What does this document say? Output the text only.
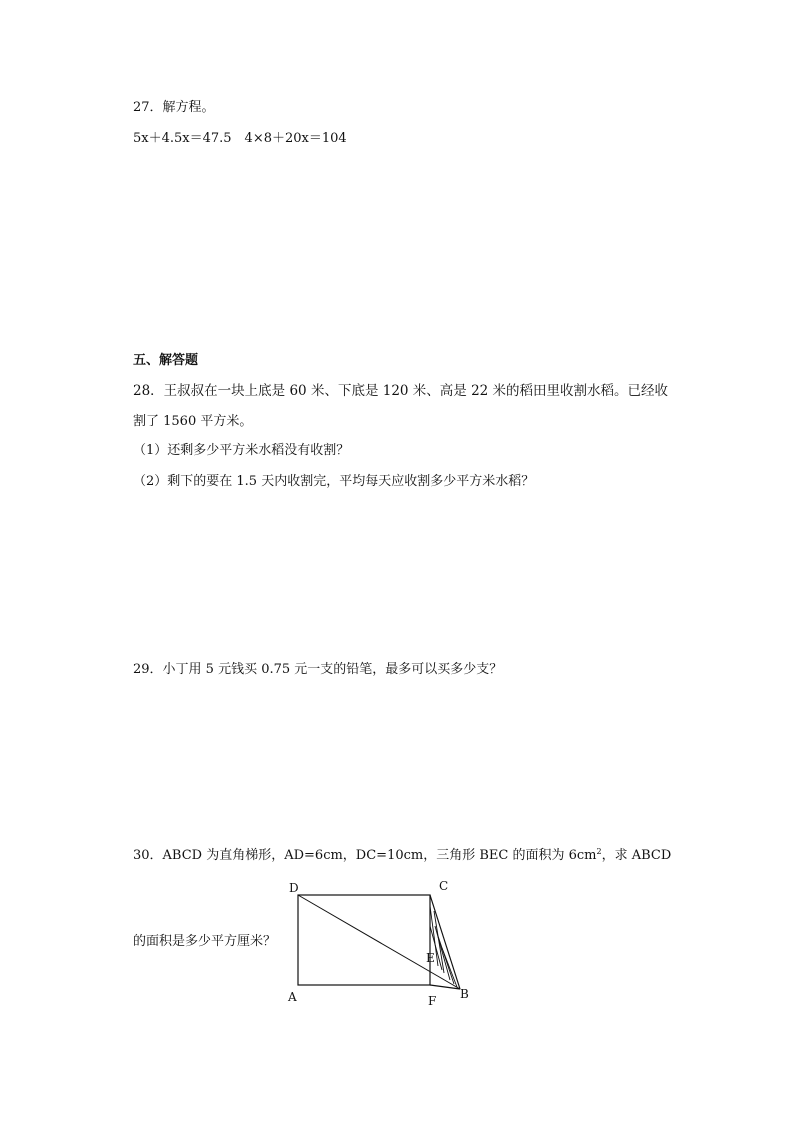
27．解方程。
5x＋4.5x＝47.5　4×8＋20x＝104
五、解答题
28．王叔叔在一块上底是 60 米、下底是 120 米、高是 22 米的稻田里收割水稻。已经收
割了 1560 平方米。
（1）还剩多少平方米水稻没有收割？
（2）剩下的要在 1.5 天内收割完，平均每天应收割多少平方米水稻？
29．小丁用 5 元钱买 0.75 元一支的铅笔，最多可以买多少支？
30．ABCD 为直角梯形，AD=6cm，DC=10cm，三角形 BEC 的面积为 $6cm^2$，求 ABCD
的面积是多少平方厘米？
D	C
A	F B
E
